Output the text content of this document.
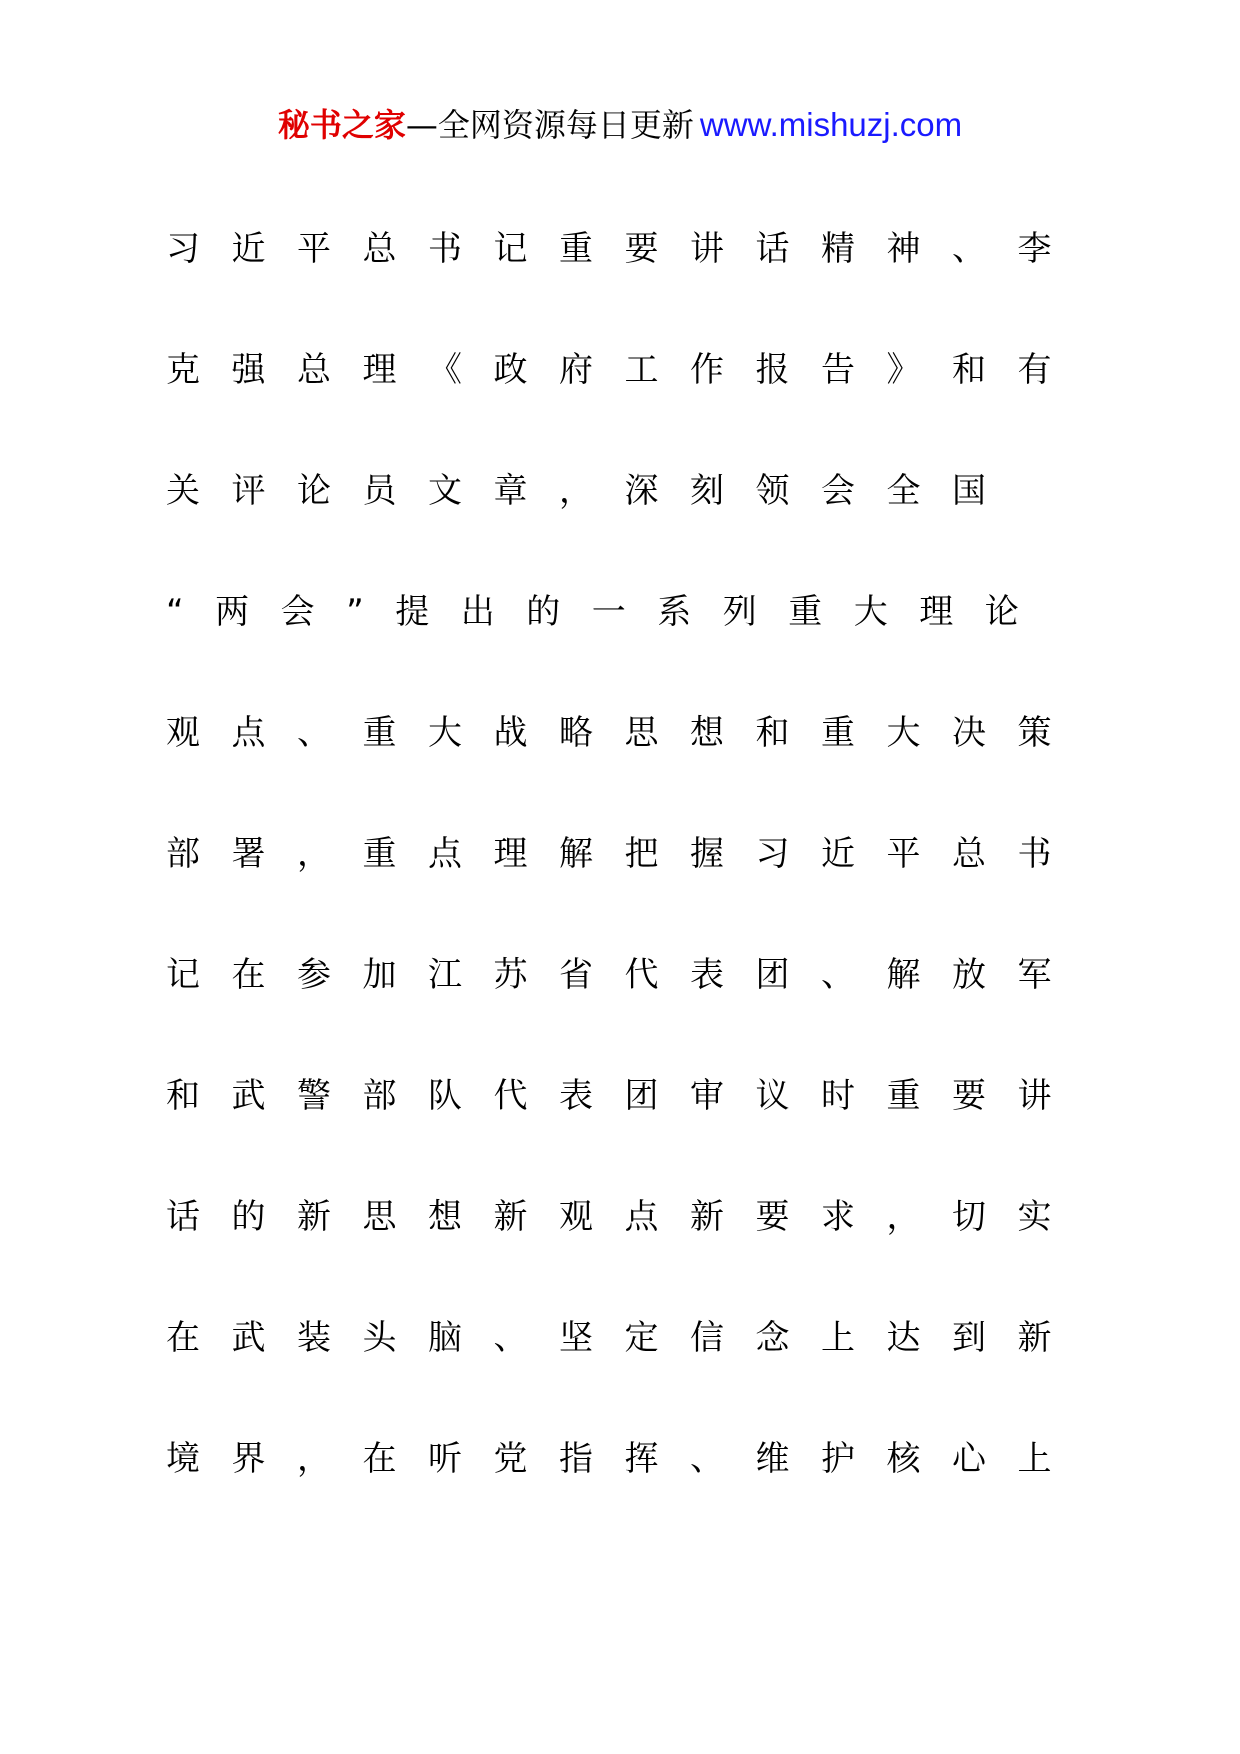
秘书之家—全网资源每日更新 www.mishuzj.com
习近平总书记重要讲话精神、李
克强总理《政府工作报告》和有
关评论员文章，深刻领会全国
“两会”提出的一系列重大理论
观点、重大战略思想和重大决策
部署，重点理解把握习近平总书
记在参加江苏省代表团、解放军
和武警部队代表团审议时重要讲
话的新思想新观点新要求，切实
在武装头脑、坚定信念上达到新
境界，在听党指挥、维护核心上
